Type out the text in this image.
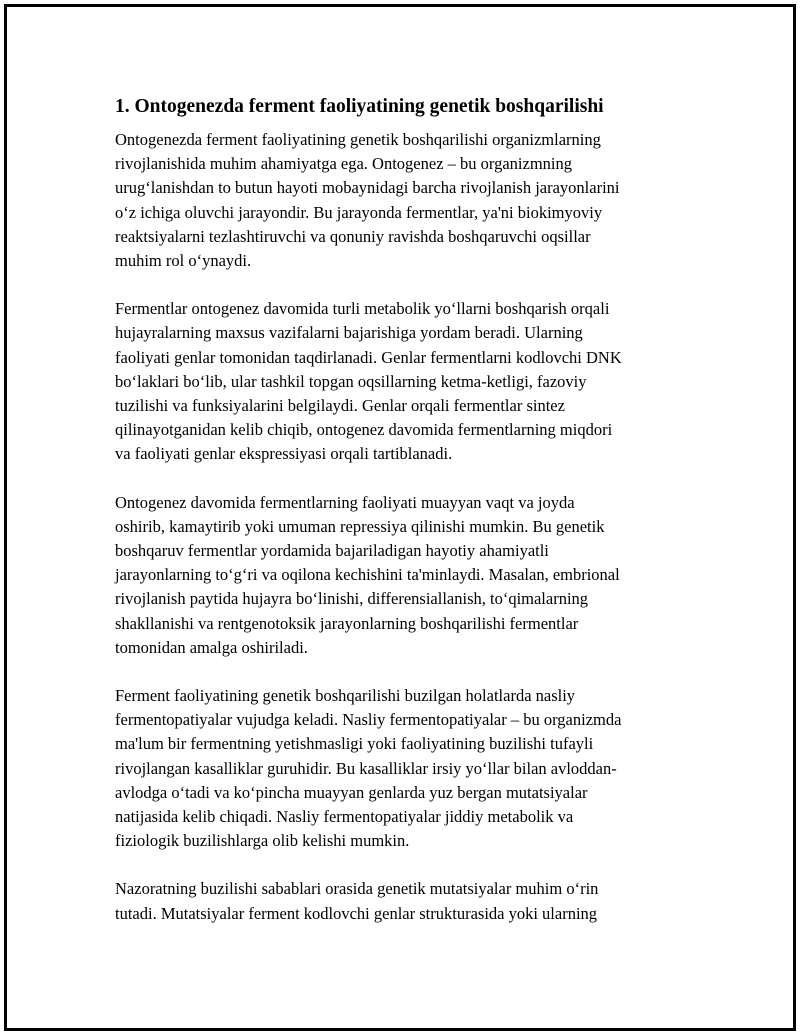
1. Ontogenezda ferment faoliyatining genetik boshqarilishi

Ontogenezda ferment faoliyatining genetik boshqarilishi organizmlarning
rivojlanishida muhim ahamiyatga ega. Ontogenez – bu organizmning
urug‘lanishdan to butun hayoti mobaynidagi barcha rivojlanish jarayonlarini
o‘z ichiga oluvchi jarayondir. Bu jarayonda fermentlar, ya'ni biokimyoviy
reaktsiyalarni tezlashtiruvchi va qonuniy ravishda boshqaruvchi oqsillar
muhim rol o‘ynaydi.

Fermentlar ontogenez davomida turli metabolik yo‘llarni boshqarish orqali
hujayralarning maxsus vazifalarni bajarishiga yordam beradi. Ularning
faoliyati genlar tomonidan taqdirlanadi. Genlar fermentlarni kodlovchi DNK
bo‘laklari bo‘lib, ular tashkil topgan oqsillarning ketma-ketligi, fazoviy
tuzilishi va funksiyalarini belgilaydi. Genlar orqali fermentlar sintez
qilinayotganidan kelib chiqib, ontogenez davomida fermentlarning miqdori
va faoliyati genlar ekspressiyasi orqali tartiblanadi.

Ontogenez davomida fermentlarning faoliyati muayyan vaqt va joyda
oshirib, kamaytirib yoki umuman repressiya qilinishi mumkin. Bu genetik
boshqaruv fermentlar yordamida bajariladigan hayotiy ahamiyatli
jarayonlarning to‘g‘ri va oqilona kechishini ta'minlaydi. Masalan, embrional
rivojlanish paytida hujayra bo‘linishi, differensiallanish, to‘qimalarning
shakllanishi va rentgenotoksik jarayonlarning boshqarilishi fermentlar
tomonidan amalga oshiriladi.

Ferment faoliyatining genetik boshqarilishi buzilgan holatlarda nasliy
fermentopatiyalar vujudga keladi. Nasliy fermentopatiyalar – bu organizmda
ma'lum bir fermentning yetishmasligi yoki faoliyatining buzilishi tufayli
rivojlangan kasalliklar guruhidir. Bu kasalliklar irsiy yo‘llar bilan avloddan-
avlodga o‘tadi va ko‘pincha muayyan genlarda yuz bergan mutatsiyalar
natijasida kelib chiqadi. Nasliy fermentopatiyalar jiddiy metabolik va
fiziologik buzilishlarga olib kelishi mumkin.

Nazoratning buzilishi sabablari orasida genetik mutatsiyalar muhim o‘rin
tutadi. Mutatsiyalar ferment kodlovchi genlar strukturasida yoki ularning
